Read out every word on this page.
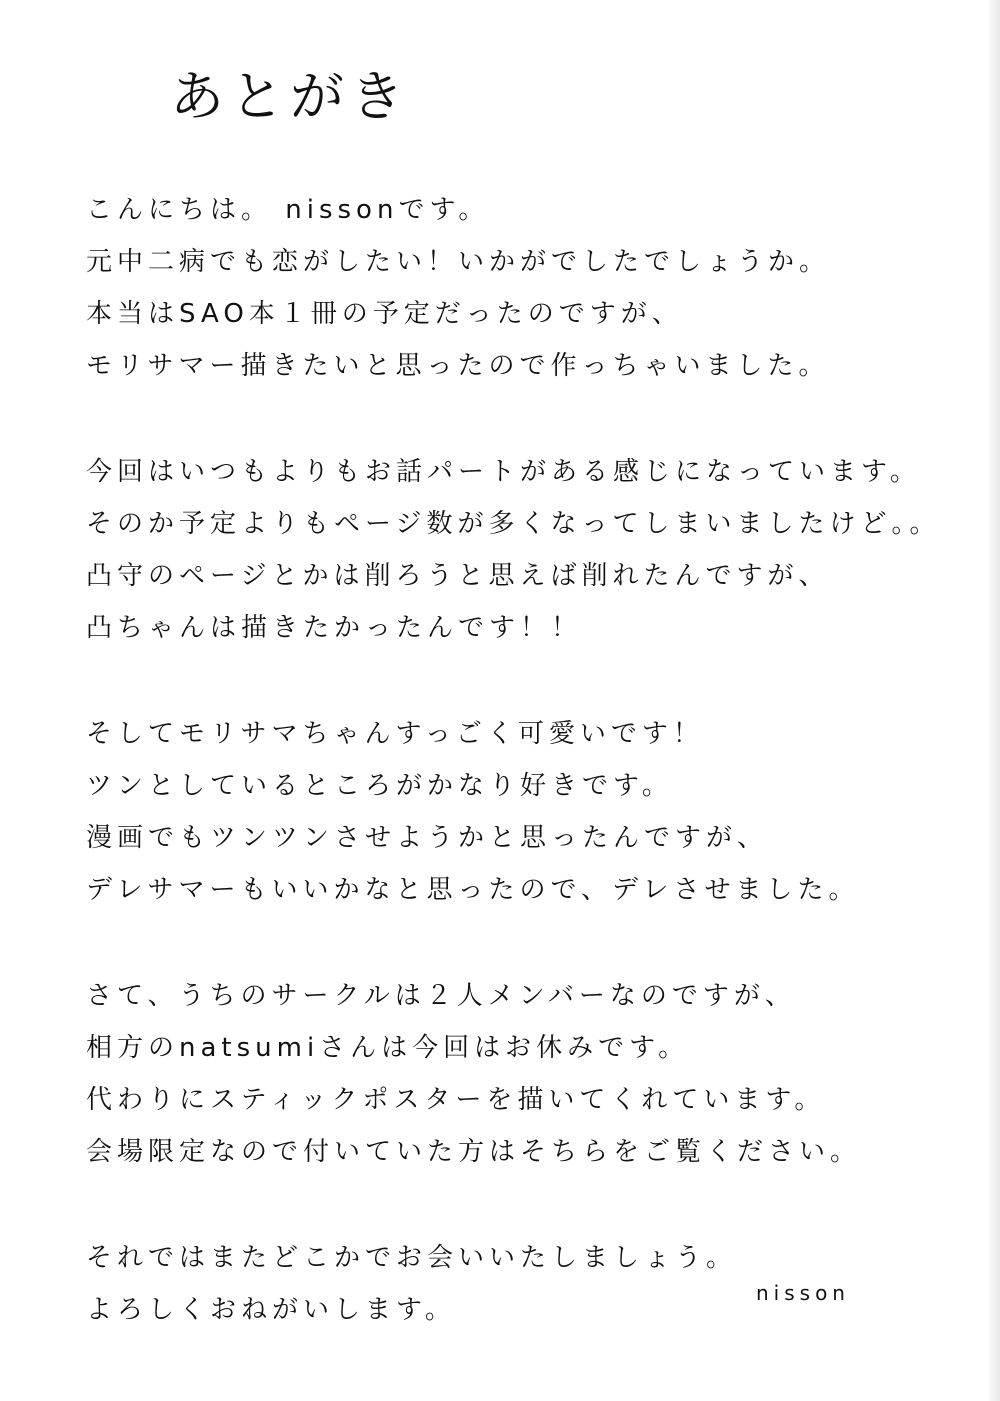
あとがき
こんにちは。 nissonです。
元中二病でも恋がしたい！いかがでしたでしょうか。
本当はSAO本１冊の予定だったのですが、
モリサマー描きたいと思ったので作っちゃいました。
今回はいつもよりもお話パートがある感じになっています。
そのか予定よりもページ数が多くなってしまいましたけど。。
凸守のページとかは削ろうと思えば削れたんですが、
凸ちゃんは描きたかったんです！！
そしてモリサマちゃんすっごく可愛いです！
ツンとしているところがかなり好きです。
漫画でもツンツンさせようかと思ったんですが、
デレサマーもいいかなと思ったので、デレさせました。
さて、うちのサークルは２人メンバーなのですが、
相方のnatsumiさんは今回はお休みです。
代わりにスティックポスターを描いてくれています。
会場限定なので付いていた方はそちらをご覧ください。
それではまたどこかでお会いいたしましょう。
よろしくおねがいします。
nisson
